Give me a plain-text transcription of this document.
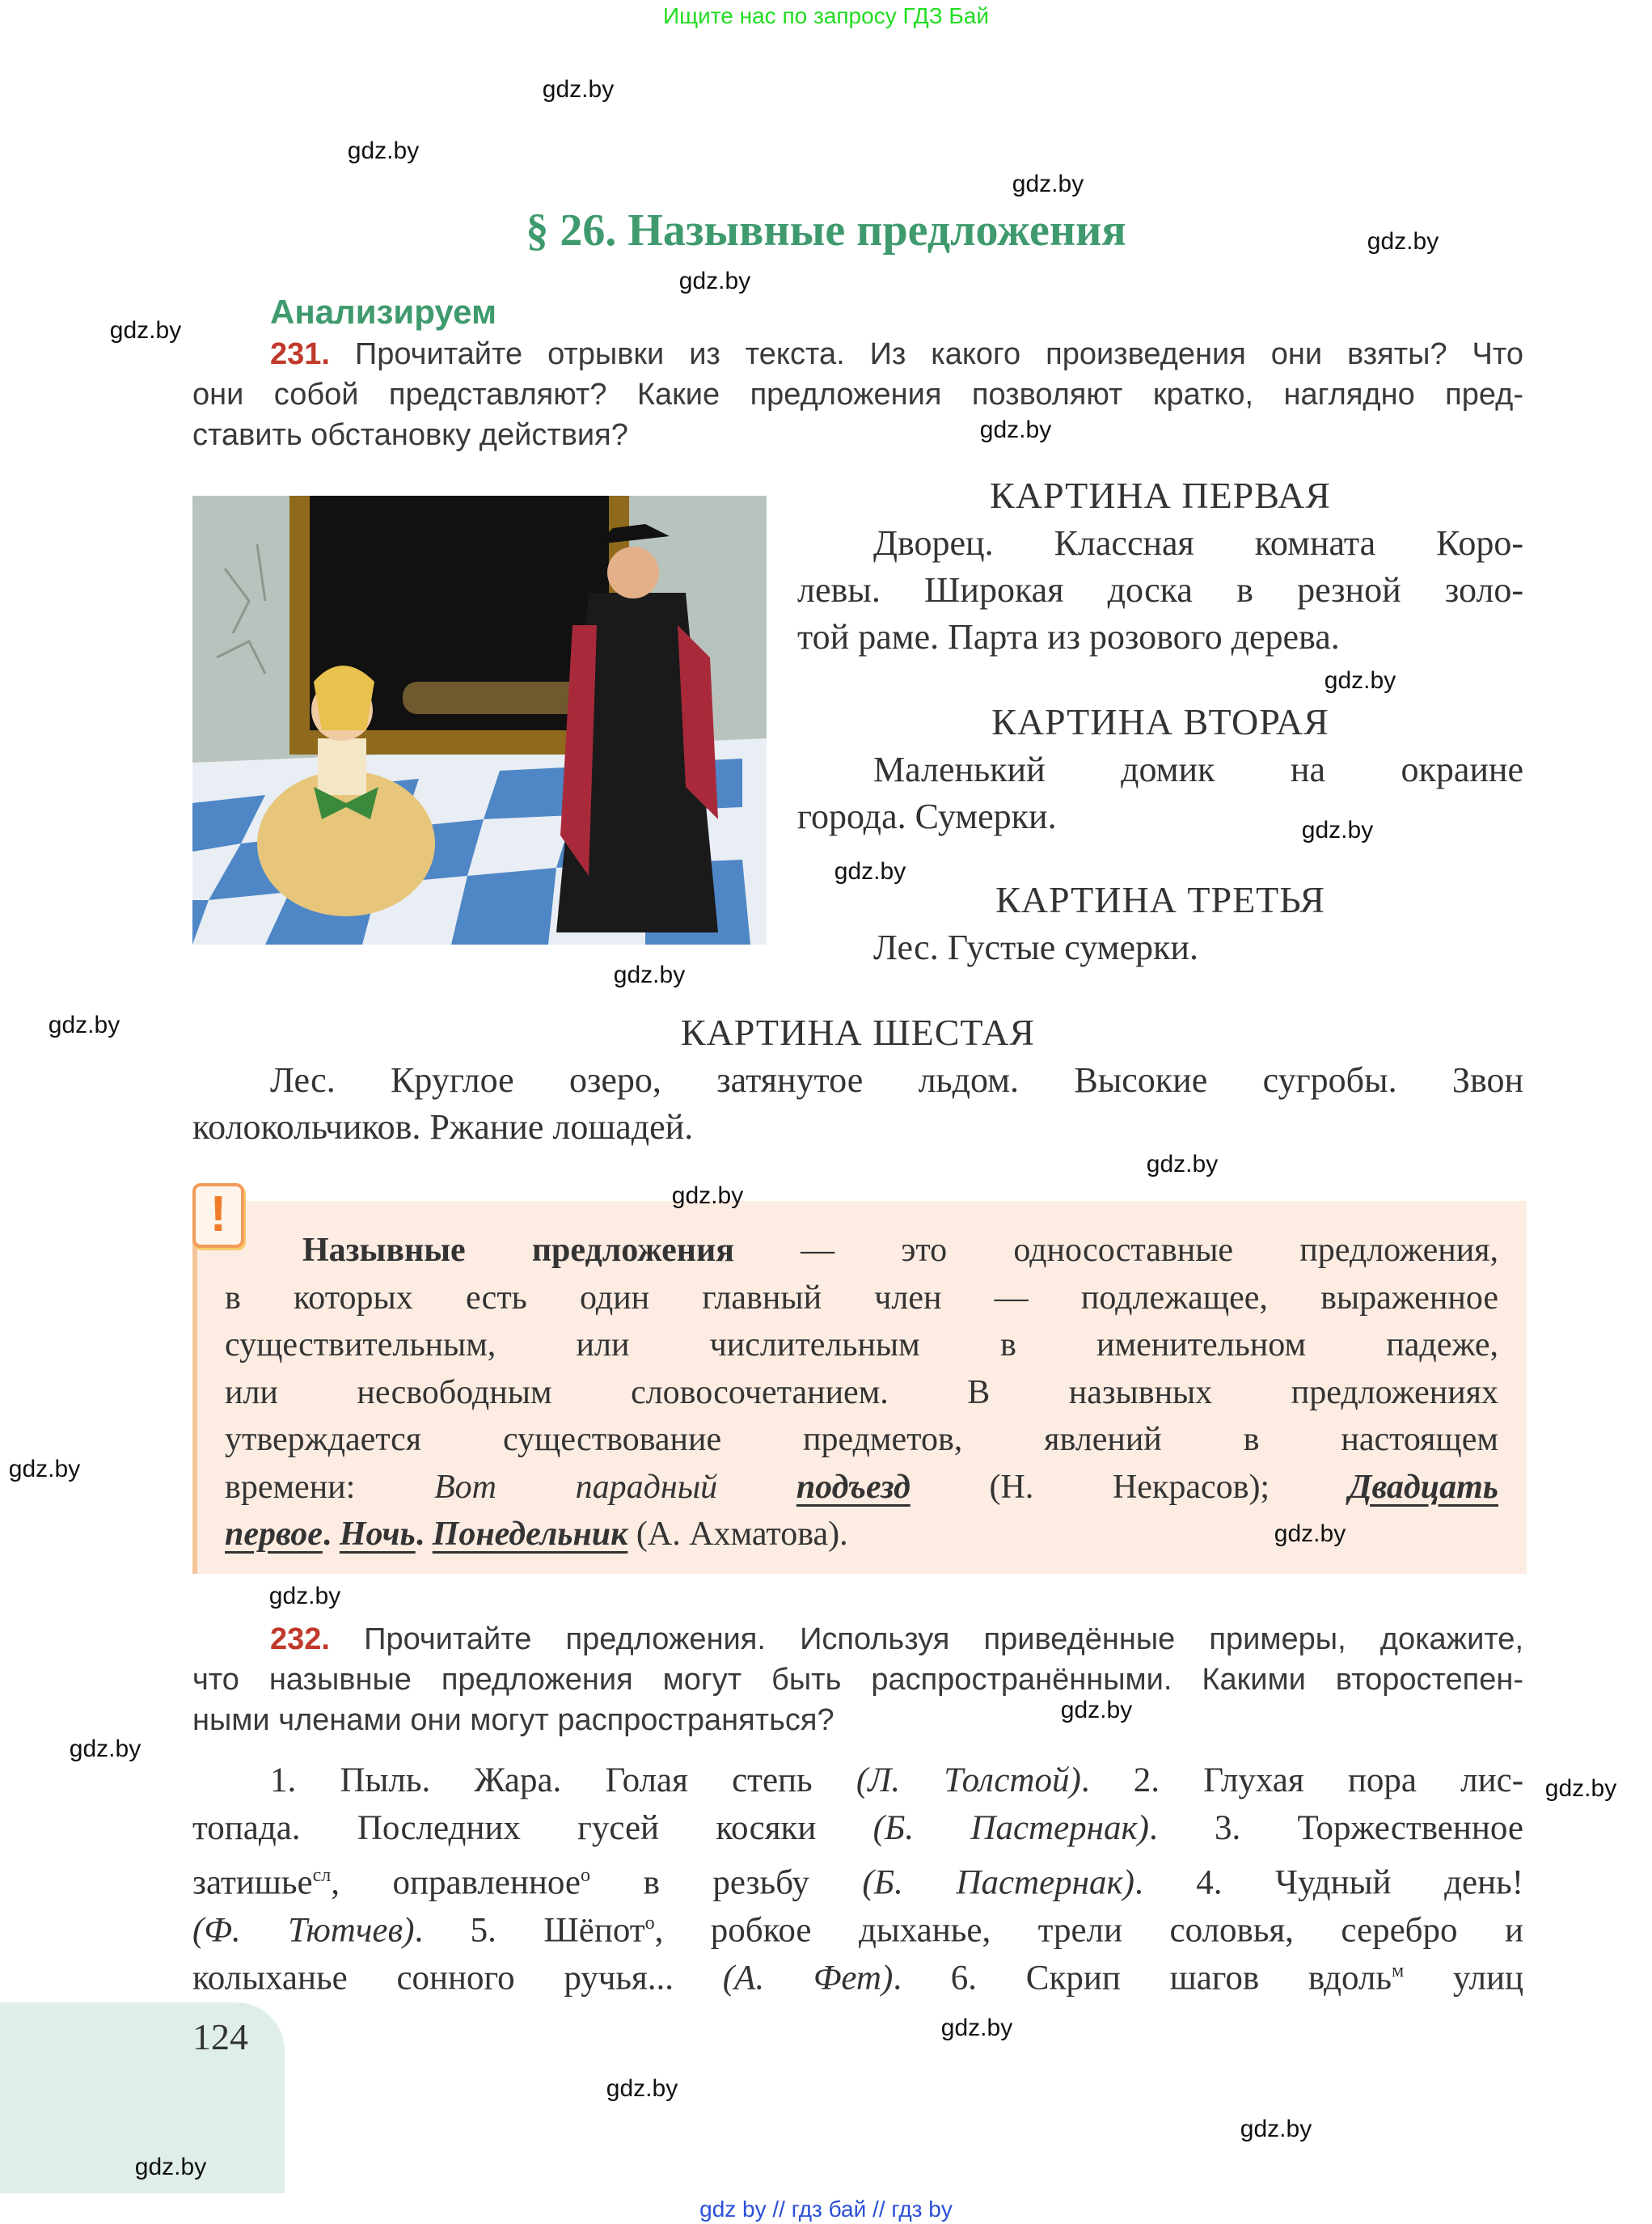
Ищите нас по запросу ГДЗ Бай
§ 26. Назывные предложения
Анализируем
231. Прочитайте отрывки из текста. Из какого произведения они взяты? Что
они собой представляют? Какие предложения позволяют кратко, наглядно пред-
ставить обстановку действия?
КАРТИНА ПЕРВАЯ
Дворец. Классная комната Коро-
левы. Широкая доска в резной золо-
той раме. Парта из розового дерева.
КАРТИНА ВТОРАЯ
Маленький домик на окраине
города. Сумерки.
КАРТИНА ТРЕТЬЯ
Лес. Густые сумерки.
КАРТИНА ШЕСТАЯ
Лес. Круглое озеро, затянутое льдом. Высокие сугробы. Звон
колокольчиков. Ржание лошадей.
!
Назывные предложения — это односоставные предложения,
в которых есть один главный член — подлежащее, выраженное
существительным, или числительным в именительном падеже,
или несвободным словосочетанием. В назывных предложениях
утверждается существование предметов, явлений в настоящем
времени: Вот парадный подъезд (Н. Некрасов); Двадцать
первое. Ночь. Понедельник (А. Ахматова).
232. Прочитайте предложения. Используя приведённые примеры, докажите,
что назывные предложения могут быть распространёнными. Какими второстепен-
ными членами они могут распространяться?
1. Пыль. Жара. Голая степь (Л. Толстой). 2. Глухая пора лис-
топада. Последних гусей косяки (Б. Пастернак). 3. Торжественное
затишье$^{сл}$, оправленное$^о$ в резьбу (Б. Пастернак). 4. Чудный день!
(Ф. Тютчев). 5. Шёпот$^о$, робкое дыханье, трели соловья, серебро и
колыханье сонного ручья... (А. Фет). 6. Скрип шагов вдоль$^м$ улиц
124
gdz by // гдз бай // гдз by
gdz.by
gdz.by
gdz.by
gdz.by
gdz.by
gdz.by
gdz.by
gdz.by
gdz.by
gdz.by
gdz.by
gdz.by
gdz.by
gdz.by
gdz.by
gdz.by
gdz.by
gdz.by
gdz.by
gdz.by
gdz.by
gdz.by
gdz.by
gdz.by
